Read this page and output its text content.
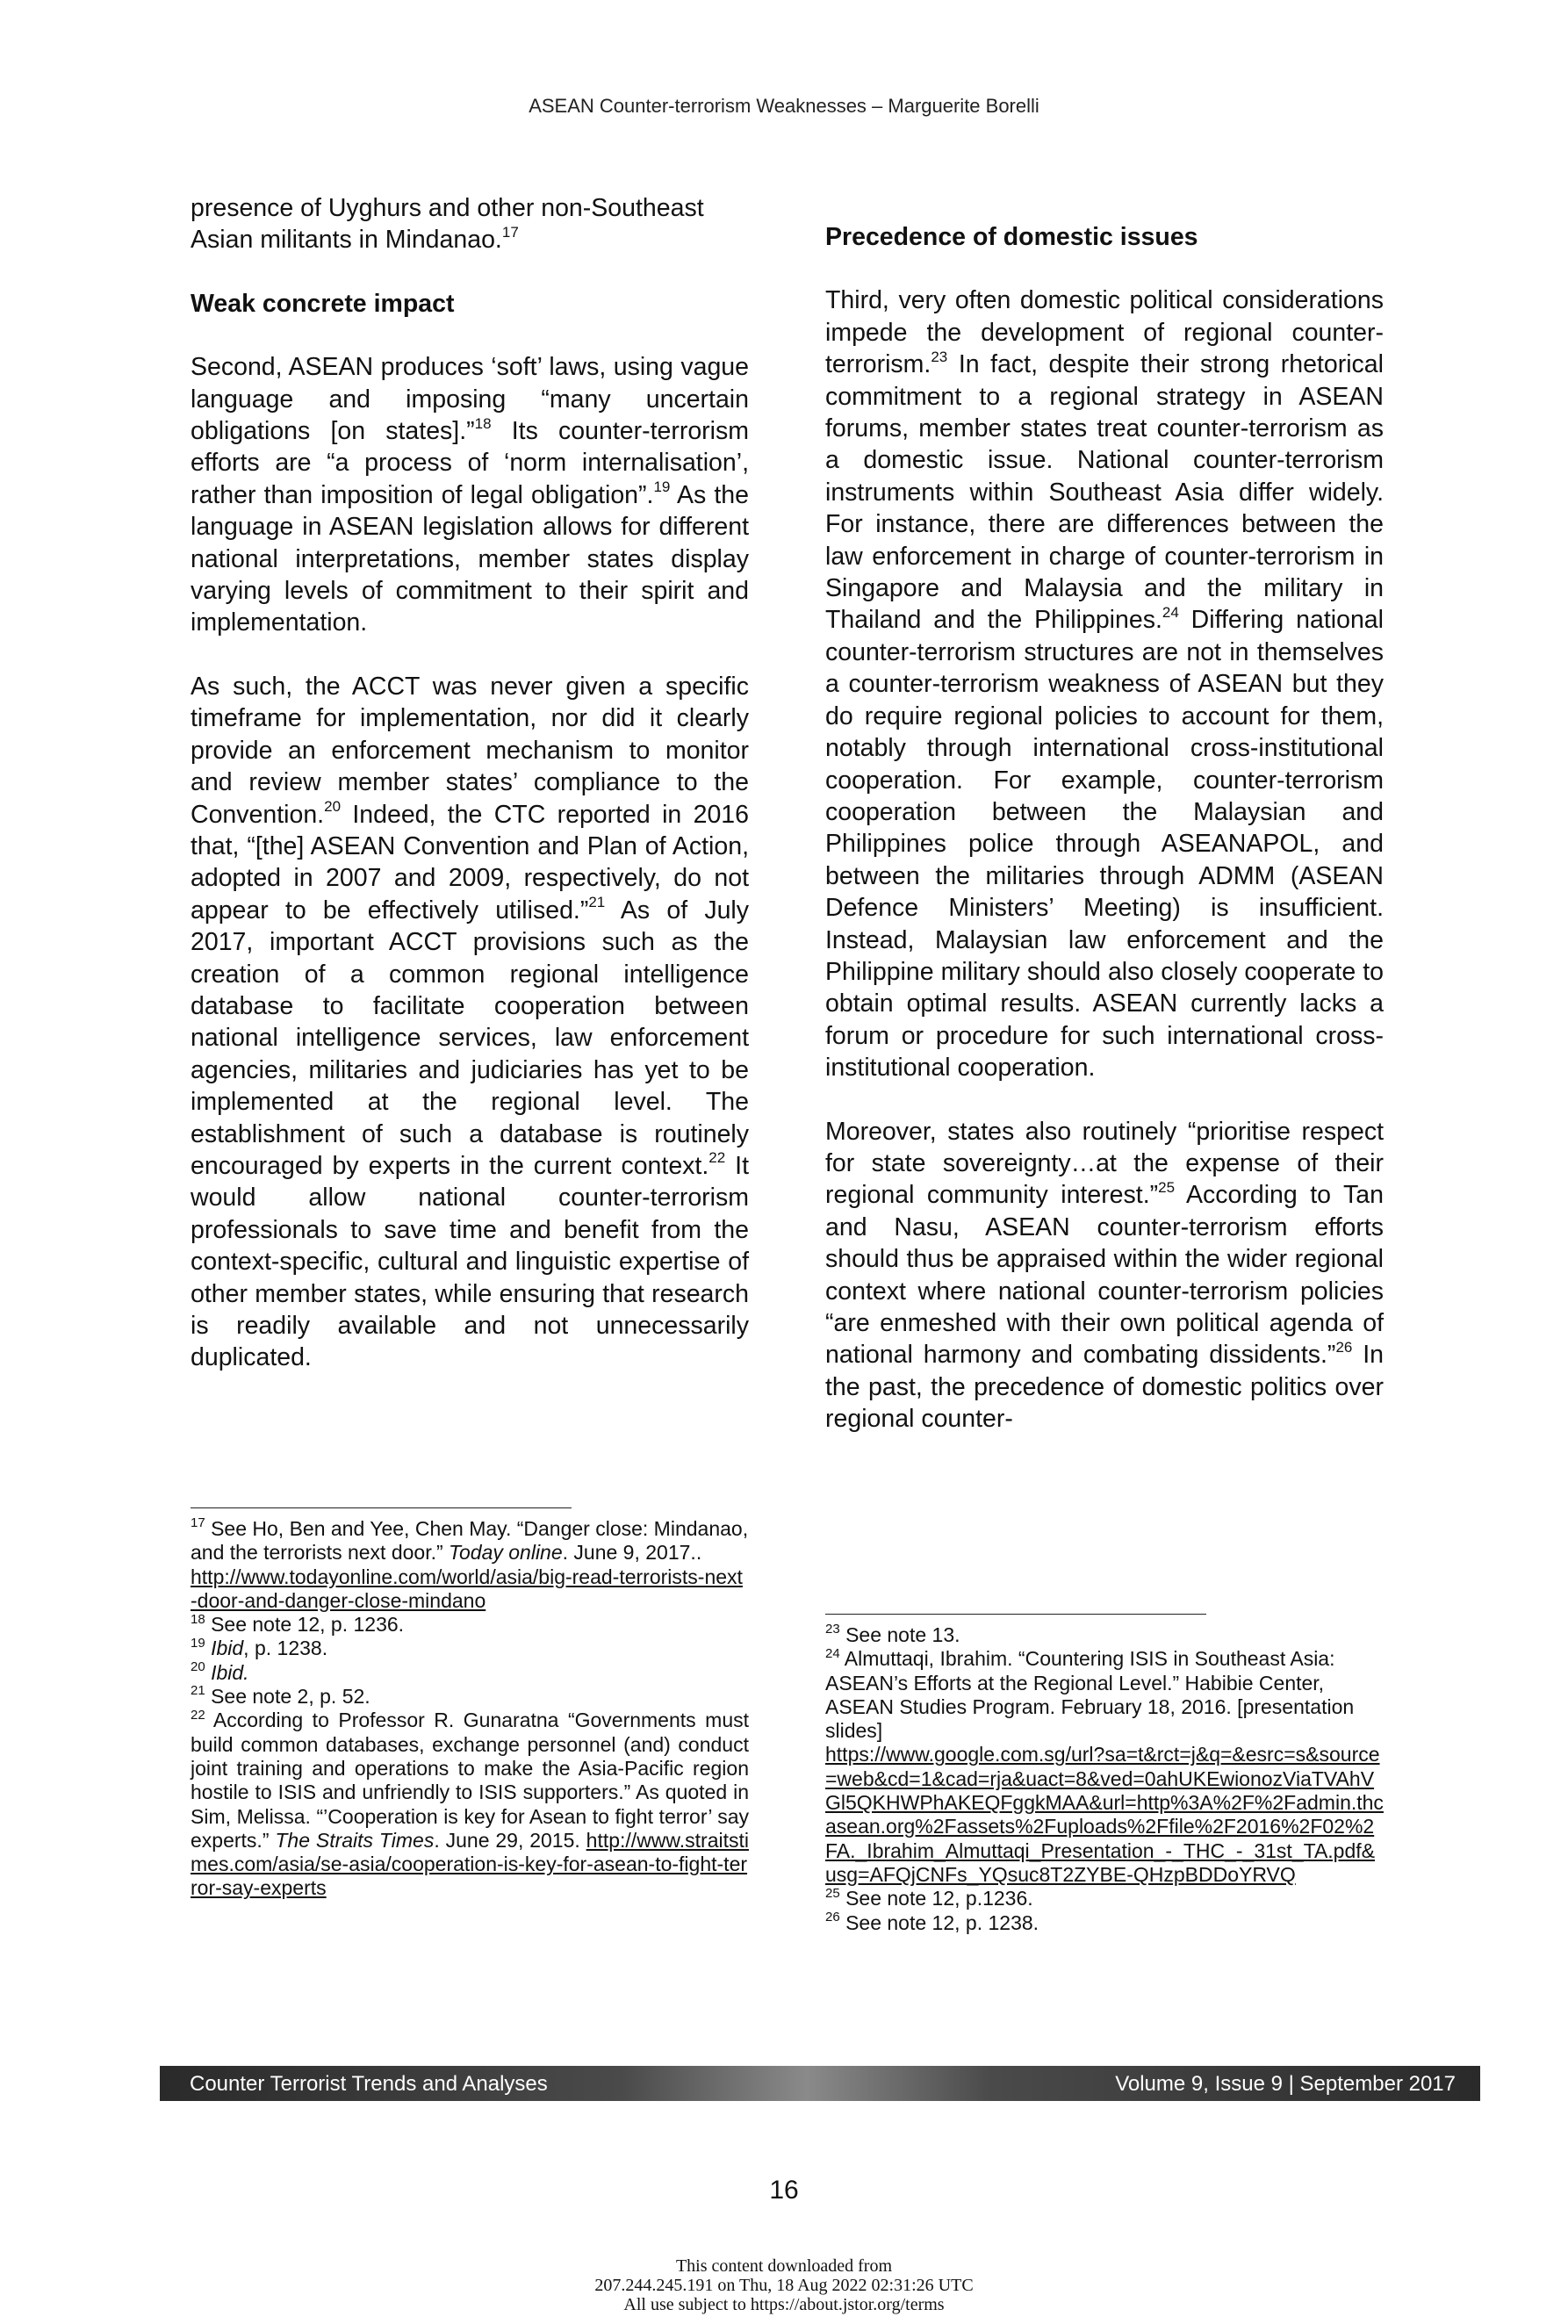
ASEAN Counter-terrorism Weaknesses – Marguerite Borelli

presence of Uyghurs and other non-Southeast Asian militants in Mindanao.$^{17}$

Weak concrete impact

Second, ASEAN produces ‘soft’ laws, using vague language and imposing “many uncertain obligations [on states].”$^{18}$ Its counter-terrorism efforts are “a process of ‘norm internalisation’, rather than imposition of legal obligation”.$^{19}$ As the language in ASEAN legislation allows for different national interpretations, member states display varying levels of commitment to their spirit and implementation.

As such, the ACCT was never given a specific timeframe for implementation, nor did it clearly provide an enforcement mechanism to monitor and review member states’ compliance to the Convention.$^{20}$ Indeed, the CTC reported in 2016 that, “[the] ASEAN Convention and Plan of Action, adopted in 2007 and 2009, respectively, do not appear to be effectively utilised.”$^{21}$ As of July 2017, important ACCT provisions such as the creation of a common regional intelligence database to facilitate cooperation between national intelligence services, law enforcement agencies, militaries and judiciaries has yet to be implemented at the regional level. The establishment of such a database is routinely encouraged by experts in the current context.$^{22}$ It would allow national counter-terrorism professionals to save time and benefit from the context-specific, cultural and linguistic expertise of other member states, while ensuring that research is readily available and not unnecessarily duplicated.

Precedence of domestic issues

Third, very often domestic political considerations impede the development of regional counter-terrorism.$^{23}$ In fact, despite their strong rhetorical commitment to a regional strategy in ASEAN forums, member states treat counter-terrorism as a domestic issue. National counter-terrorism instruments within Southeast Asia differ widely. For instance, there are differences between the law enforcement in charge of counter-terrorism in Singapore and Malaysia and the military in Thailand and the Philippines.$^{24}$ Differing national counter-terrorism structures are not in themselves a counter-terrorism weakness of ASEAN but they do require regional policies to account for them, notably through international cross-institutional cooperation. For example, counter-terrorism cooperation between the Malaysian and Philippines police through ASEANAPOL, and between the militaries through ADMM (ASEAN Defence Ministers’ Meeting) is insufficient. Instead, Malaysian law enforcement and the Philippine military should also closely cooperate to obtain optimal results. ASEAN currently lacks a forum or procedure for such international cross-institutional cooperation.

Moreover, states also routinely “prioritise respect for state sovereignty…at the expense of their regional community interest.”$^{25}$ According to Tan and Nasu, ASEAN counter-terrorism efforts should thus be appraised within the wider regional context where national counter-terrorism policies “are enmeshed with their own political agenda of national harmony and combating dissidents.”$^{26}$ In the past, the precedence of domestic politics over regional counter-

$^{17}$ See Ho, Ben and Yee, Chen May. “Danger close: Mindanao, and the terrorists next door.” Today online. June 9, 2017..
http://www.todayonline.com/world/asia/big-read-terrorists-next-door-and-danger-close-mindano

$^{18}$ See note 12, p. 1236.

$^{19}$ Ibid, p. 1238.

$^{20}$ Ibid.

$^{21}$ See note 2, p. 52.

$^{22}$ According to Professor R. Gunaratna “Governments must build common databases, exchange personnel (and) conduct joint training and operations to make the Asia-Pacific region hostile to ISIS and unfriendly to ISIS supporters.” As quoted in Sim, Melissa. “’Cooperation is key for Asean to fight terror’ say experts.” The Straits Times. June 29, 2015. http://www.straitstimes.com/asia/se-asia/cooperation-is-key-for-asean-to-fight-terror-say-experts

$^{23}$ See note 13.

$^{24}$ Almuttaqi, Ibrahim. “Countering ISIS in Southeast Asia: ASEAN’s Efforts at the Regional Level.” Habibie Center, ASEAN Studies Program. February 18, 2016. [presentation slides]
https://www.google.com.sg/url?sa=t&rct=j&q=&esrc=s&source=web&cd=1&cad=rja&uact=8&ved=0ahUKEwionozViaTVAhVGl5QKHWPhAKEQFggkMAA&url=http%3A%2F%2Fadmin.thcasean.org%2Fassets%2Fuploads%2Ffile%2F2016%2F02%2FA._Ibrahim_Almuttaqi_Presentation_-_THC_-_31st_TA.pdf&usg=AFQjCNFs_YQsuc8T2ZYBE-QHzpBDDoYRVQ

$^{25}$ See note 12, p.1236.

$^{26}$ See note 12, p. 1238.

Counter Terrorist Trends and Analyses	Volume 9, Issue 9 | September 2017
16
This content downloaded from
207.244.245.191 on Thu, 18 Aug 2022 02:31:26 UTC
All use subject to https://about.jstor.org/terms
